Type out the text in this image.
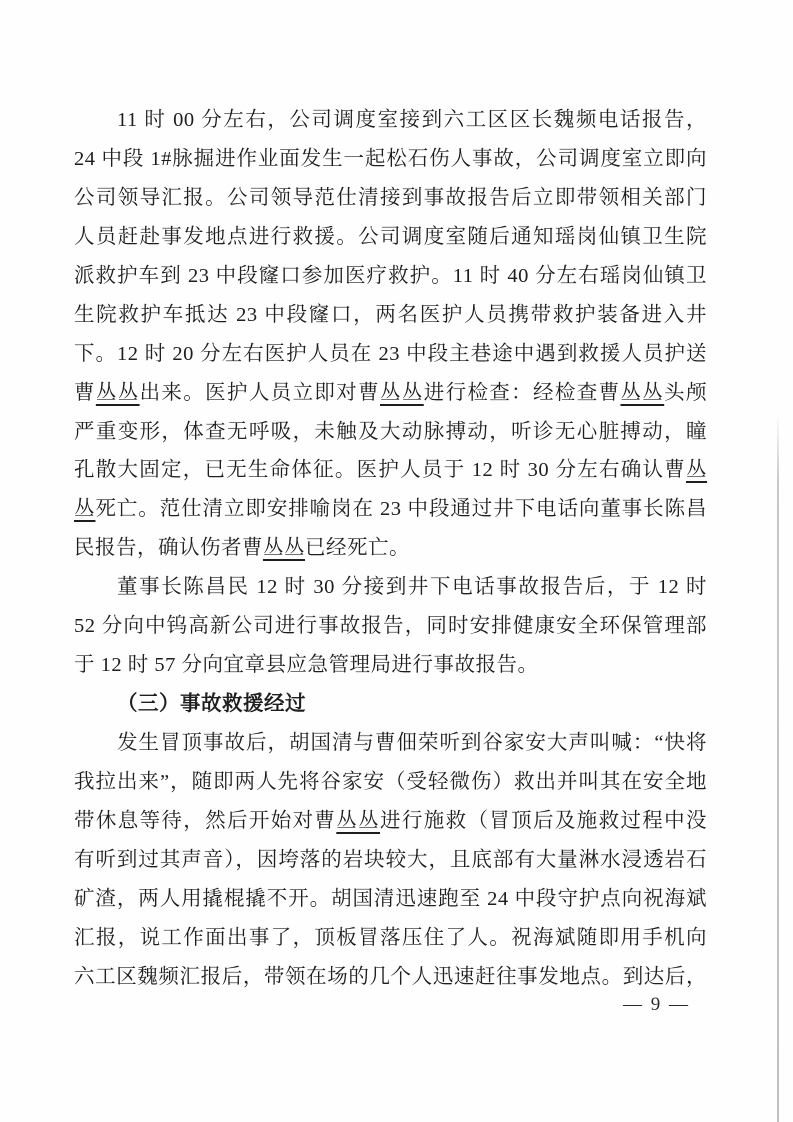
11 时 00 分左右，公司调度室接到六工区区长魏频电话报告，
24 中段 1#脉掘进作业面发生一起松石伤人事故，公司调度室立即向
公司领导汇报。公司领导范仕清接到事故报告后立即带领相关部门
人员赶赴事发地点进行救援。公司调度室随后通知瑶岗仙镇卫生院
派救护车到 23 中段窿口参加医疗救护。11 时 40 分左右瑶岗仙镇卫
生院救护车抵达 23 中段窿口，两名医护人员携带救护装备进入井
下。12 时 20 分左右医护人员在 23 中段主巷途中遇到救援人员护送
曹丛丛出来。医护人员立即对曹丛丛进行检查：经检查曹丛丛头颅
严重变形，体查无呼吸，未触及大动脉搏动，听诊无心脏搏动，瞳
孔散大固定，已无生命体征。医护人员于 12 时 30 分左右确认曹丛
丛死亡。范仕清立即安排喻岗在 23 中段通过井下电话向董事长陈昌
民报告，确认伤者曹丛丛已经死亡。
董事长陈昌民 12 时 30 分接到井下电话事故报告后，于 12 时
52 分向中钨高新公司进行事故报告，同时安排健康安全环保管理部
于 12 时 57 分向宜章县应急管理局进行事故报告。
（三）事故救援经过
发生冒顶事故后，胡国清与曹佃荣听到谷家安大声叫喊：“快将
我拉出来”，随即两人先将谷家安（受轻微伤）救出并叫其在安全地
带休息等待，然后开始对曹丛丛进行施救（冒顶后及施救过程中没
有听到过其声音），因垮落的岩块较大，且底部有大量淋水浸透岩石
矿渣，两人用撬棍撬不开。胡国清迅速跑至 24 中段守护点向祝海斌
汇报，说工作面出事了，顶板冒落压住了人。祝海斌随即用手机向
六工区魏频汇报后，带领在场的几个人迅速赶往事发地点。到达后，
— 9 —
